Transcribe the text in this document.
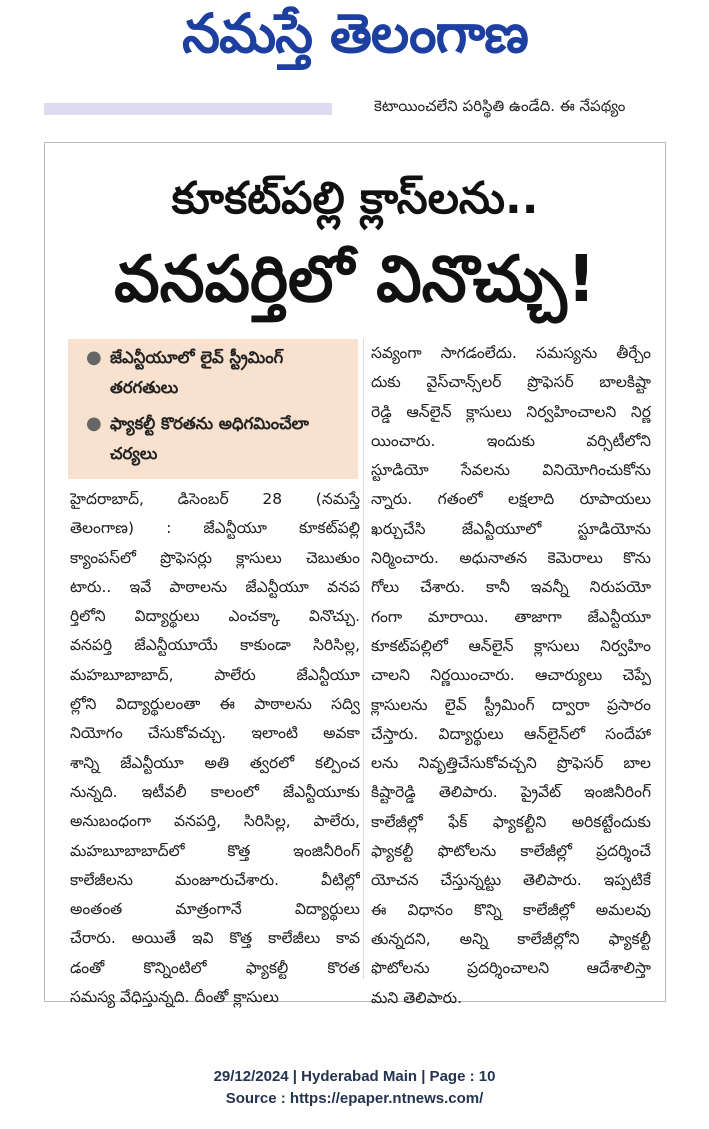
నమస్తే తెలంగాణ
కెటాయించలేని పరిస్థితి ఉండేది. ఈ నేపథ్యం
కూకట్‌పల్లి క్లాస్‌లను..
వనపర్తిలో వినొచ్చు!
● జేఎన్టీయూలో లైవ్ స్ట్రీమింగ్ తరగతులు
● ఫ్యాకల్టీ కొరతను అధిగమించేలా చర్యలు
హైదరాబాద్, డిసెంబర్ 28 (నమస్తే
తెలంగాణ) : జేఎన్టీయూ కూకట్‌పల్లి
క్యాంపస్‌లో ప్రొఫెసర్లు క్లాసులు చెబుతుం
టారు.. ఇవే పాఠాలను జేఎన్టీయూ వనప
ర్తిలోని విద్యార్థులు ఎంచక్కా వినొచ్చు.
వనపర్తి జేఎన్టీయూయే కాకుండా సిరిసిల్ల,
మహబూబాబాద్, పాలేరు జేఎన్టీయూ
ల్లోని విద్యార్థులంతా ఈ పాఠాలను సద్వి
నియోగం చేసుకోవచ్చు. ఇలాంటి అవకా
శాన్ని జేఎన్టీయూ అతి త్వరలో కల్పించ
నున్నది. ఇటీవలీ కాలంలో జేఎన్టీయూకు
అనుబంధంగా వనపర్తి, సిరిసిల్ల, పాలేరు,
మహబూబాబాద్‌లో కొత్త ఇంజినీరింగ్
కాలేజీలను మంజూరుచేశారు. వీటిల్లో
అంతంత మాత్రంగానే విద్యార్థులు
చేరారు. అయితే ఇవి కొత్త కాలేజీలు కావ
డంతో కొన్నింటిలో ఫ్యాకల్టీ కొరత
సమస్య వేధిస్తున్నది. దీంతో క్లాసులు
సవ్యంగా సాగడంలేదు. సమస్యను తీర్చేం
దుకు వైస్‌చాన్స్‌లర్ ప్రొఫెసర్ బాలకిష్టా
రెడ్డి ఆన్‌లైన్ క్లాసులు నిర్వహించాలని నిర్ణ
యించారు. ఇందుకు వర్సిటీలోని
స్టూడియో సేవలను వినియోగించుకోను
న్నారు. గతంలో లక్షలాది రూపాయలు
ఖర్చుచేసి జేఎన్టీయూలో స్టూడియోను
నిర్మించారు. అధునాతన కెమెరాలు కొను
గోలు చేశారు. కానీ ఇవన్నీ నిరుపయో
గంగా మారాయి. తాజాగా జేఎన్టీయూ
కూకట్‌పల్లిలో ఆన్‌లైన్ క్లాసులు నిర్వహిం
చాలని నిర్ణయించారు. ఆచార్యులు చెప్పే
క్లాసులను లైవ్ స్ట్రీమింగ్ ద్వారా ప్రసారం
చేస్తారు. విద్యార్థులు ఆన్‌లైన్‌లో సందేహా
లను నివృత్తిచేసుకోవచ్చని ప్రొఫెసర్ బాల
కిష్టారెడ్డి తెలిపారు. ప్రైవేట్ ఇంజినీరింగ్
కాలేజీల్లో ఫేక్ ఫ్యాకల్టీని అరికట్టేందుకు
ఫ్యాకల్టీ ఫొటోలను కాలేజీల్లో ప్రదర్శించే
యోచన చేస్తున్నట్టు తెలిపారు. ఇప్పటికే
ఈ విధానం కొన్ని కాలేజీల్లో అమలవు
తున్నదని, అన్ని కాలేజీల్లోని ఫ్యాకల్టీ
ఫొటోలను ప్రదర్శించాలని ఆదేశాలిస్తా
మని తెలిపారు.
29/12/2024 | Hyderabad Main | Page : 10
Source : https://epaper.ntnews.com/
